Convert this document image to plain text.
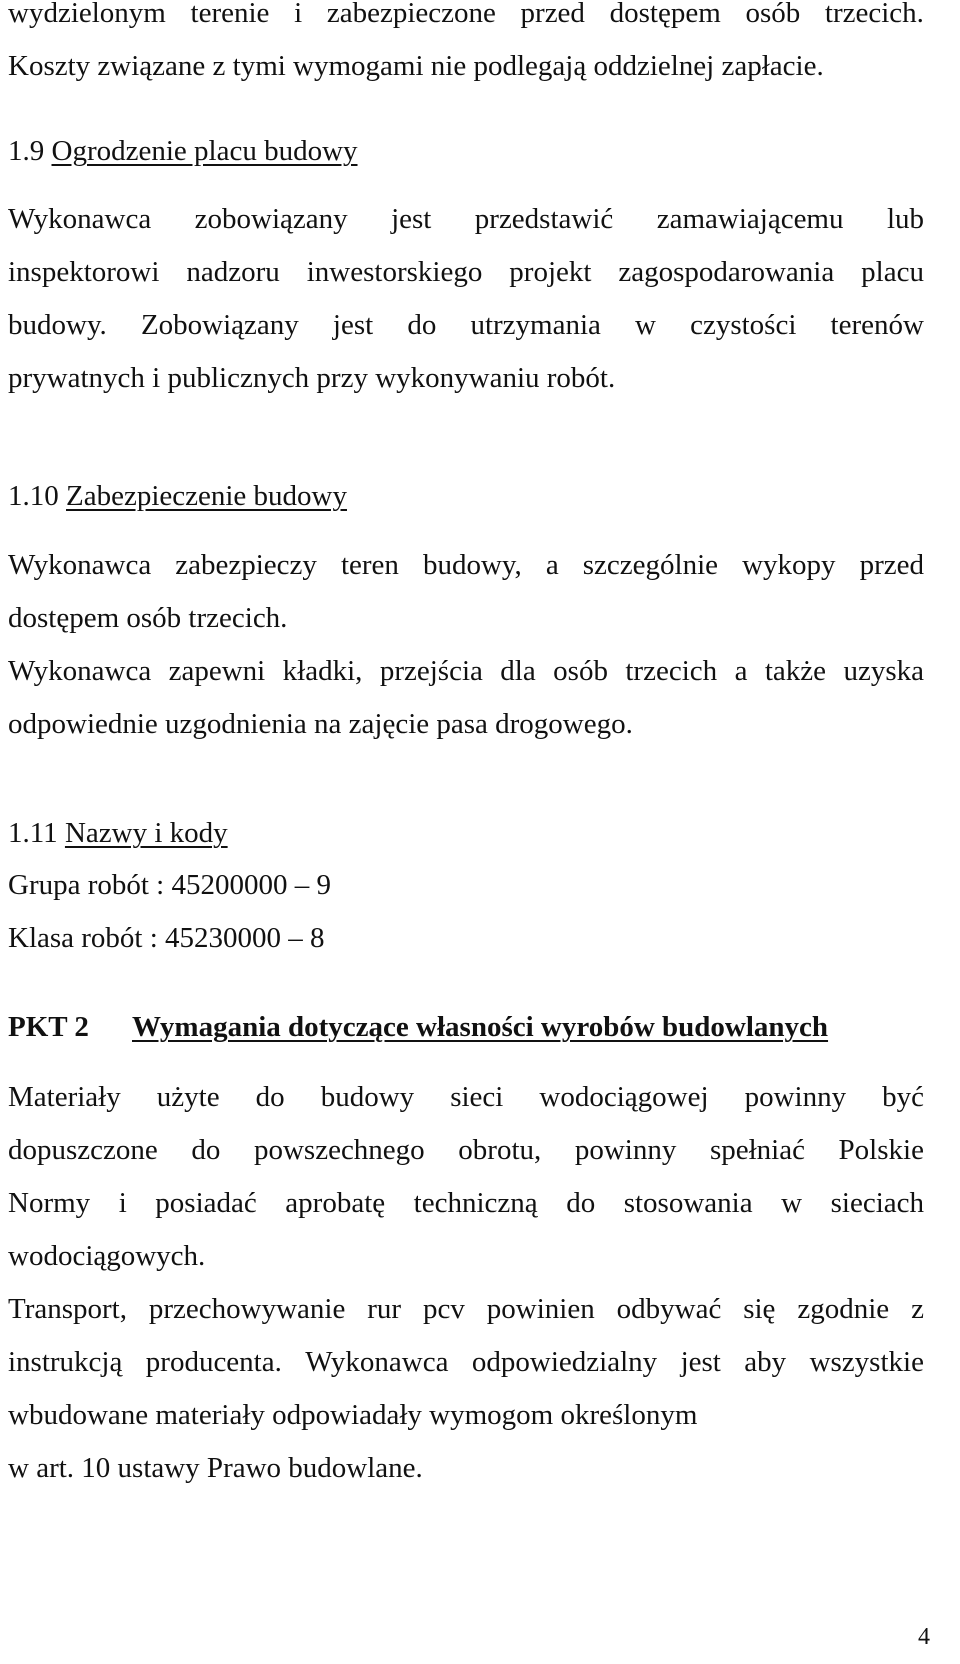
wydzielonym terenie i zabezpieczone przed dostępem osób trzecich.
Koszty związane z tymi wymogami nie podlegają oddzielnej zapłacie.
1.9 Ogrodzenie placu budowy
Wykonawca zobowiązany jest przedstawić zamawiającemu lub
inspektorowi nadzoru inwestorskiego projekt zagospodarowania placu
budowy. Zobowiązany jest do utrzymania w czystości terenów
prywatnych i publicznych przy wykonywaniu robót.
1.10 Zabezpieczenie budowy
Wykonawca zabezpieczy teren budowy, a szczególnie wykopy przed
dostępem osób trzecich.
Wykonawca zapewni kładki, przejścia dla osób trzecich a także uzyska
odpowiednie uzgodnienia na zajęcie pasa drogowego.
1.11 Nazwy i kody
Grupa robót : 45200000 – 9
Klasa robót : 45230000 – 8
PKT 2 Wymagania dotyczące własności wyrobów budowlanych
Materiały użyte do budowy sieci wodociągowej powinny być
dopuszczone do powszechnego obrotu, powinny spełniać Polskie
Normy i posiadać aprobatę techniczną do stosowania w sieciach
wodociągowych.
Transport, przechowywanie rur pcv powinien odbywać się zgodnie z
instrukcją producenta. Wykonawca odpowiedzialny jest aby wszystkie
wbudowane materiały odpowiadały wymogom określonym
w art. 10 ustawy Prawo budowlane.
4
